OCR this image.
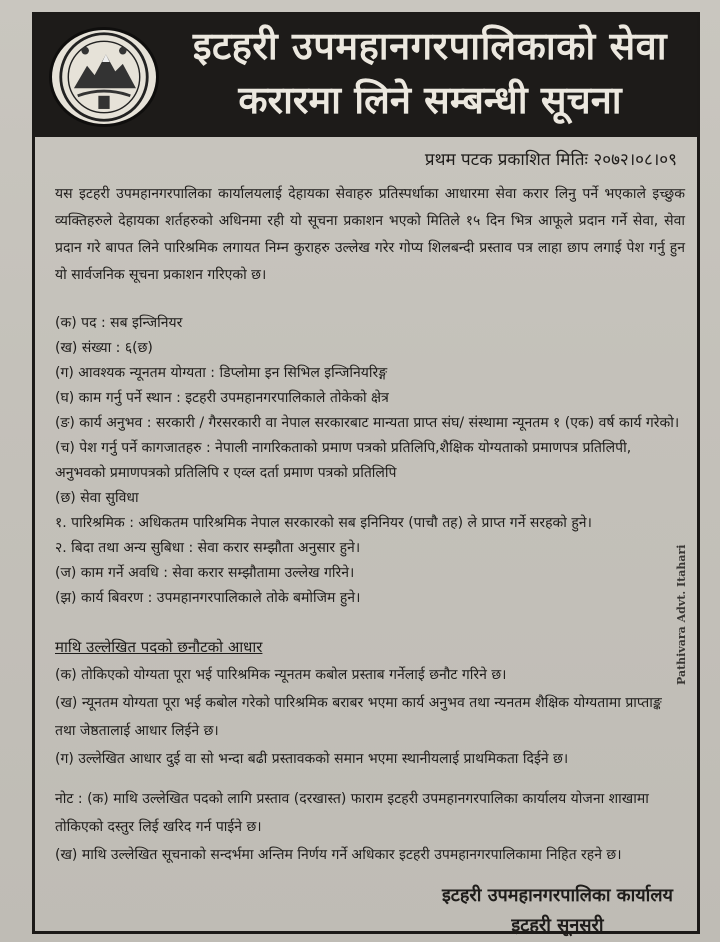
इटहरी उपमहानगरपालिकाको सेवा
करारमा लिने सम्बन्धी सूचना
प्रथम पटक प्रकाशित मितिः २०७२।०८।०९
यस इटहरी उपमहानगरपालिका कार्यालयलाई देहायका सेवाहरु प्रतिस्पर्धाका आधारमा सेवा करार लिनु पर्ने भएकाले इच्छुक व्यक्तिहरुले देहायका शर्तहरुको अधिनमा रही यो सूचना प्रकाशन भएको मितिले १५ दिन भित्र आफूले प्रदान गर्ने सेवा, सेवा प्रदान गरे बापत लिने पारिश्रमिक लगायत निम्न कुराहरु उल्लेख गरेर गोप्य शिलबन्दी प्रस्ताव पत्र लाहा छाप लगाई पेश गर्नु हुन यो सार्वजनिक सूचना प्रकाशन गरिएको छ।
(क) पद : सब इन्जिनियर
(ख) संख्या : ६(छ)
(ग) आवश्यक न्यूनतम योग्यता : डिप्लोमा इन सिभिल इन्जिनियरिङ्ग
(घ) काम गर्नु पर्ने स्थान : इटहरी उपमहानगरपालिकाले तोकेको क्षेत्र
(ङ) कार्य अनुभव : सरकारी / गैरसरकारी वा नेपाल सरकारबाट मान्यता प्राप्त संघ/ संस्थामा न्यूनतम १ (एक) वर्ष कार्य गरेको।
(च) पेश गर्नु पर्ने कागजातहरु : नेपाली नागरिकताको प्रमाण पत्रको प्रतिलिपि,शैक्षिक योग्यताको प्रमाणपत्र प्रतिलिपी, अनुभवको प्रमाणपत्रको प्रतिलिपि र एव्ल दर्ता प्रमाण पत्रको प्रतिलिपि
(छ) सेवा सुविधा
१. पारिश्रमिक : अधिकतम पारिश्रमिक नेपाल सरकारको सब इनिनियर (पाचौ तह) ले प्राप्त गर्ने सरहको हुने।
२. बिदा तथा अन्य सुबिधा : सेवा करार सम्झौता अनुसार हुने।
(ज) काम गर्ने अवधि : सेवा करार सम्झौतामा उल्लेख गरिने।
(झ) कार्य बिवरण : उपमहानगरपालिकाले तोके बमोजिम हुने।	Pathivara Advt. Itahari
माथि उल्लेखित पदको छनौटको आधार
(क) तोकिएको योग्यता पूरा भई पारिश्रमिक न्यूनतम कबोल प्रस्ताब गर्नेलाई छनौट गरिने छ।
(ख) न्यूनतम योग्यता पूरा भई कबोल गरेको पारिश्रमिक बराबर भएमा कार्य अनुभव तथा न्यनतम शैक्षिक योग्यतामा प्राप्ताङ्क तथा जेष्ठतालाई आधार लिईने छ।
(ग) उल्लेखित आधार दुई वा सो भन्दा बढी प्रस्तावकको समान भएमा स्थानीयलाई प्राथमिकता दिईने छ।
नोट : (क) माथि उल्लेखित पदको लागि प्रस्ताव (दरखास्त) फाराम इटहरी उपमहानगरपालिका कार्यालय योजना शाखामा तोकिएको दस्तुर लिई खरिद गर्न पाईने छ।
(ख) माथि उल्लेखित सूचनाको सन्दर्भमा अन्तिम निर्णय गर्ने अधिकार इटहरी उपमहानगरपालिकामा निहित रहने छ।
इटहरी उपमहानगरपालिका कार्यालय
इटहरी सूनसरी
